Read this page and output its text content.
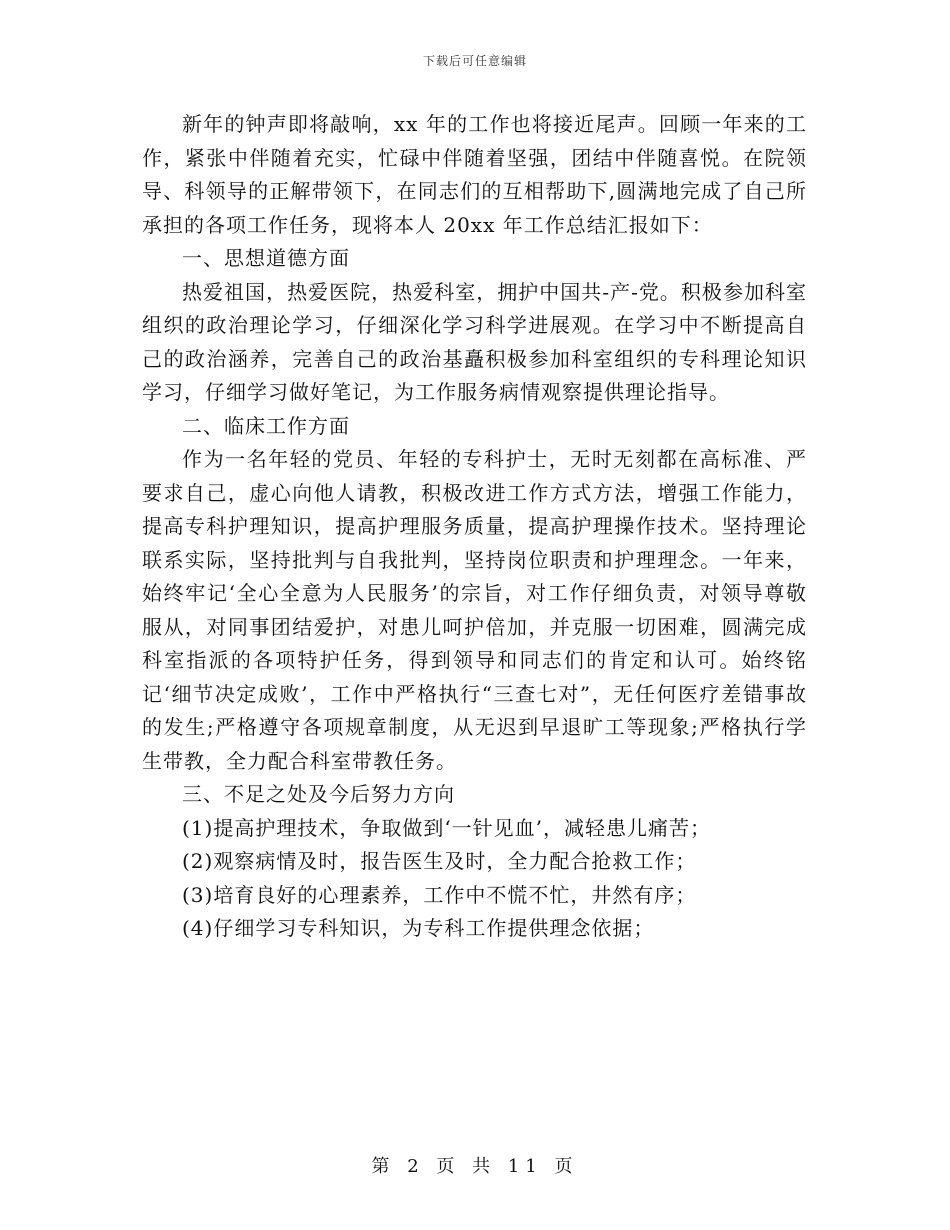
下载后可任意编辑

新年的钟声即将敲响，xx 年的工作也将接近尾声。回顾一年来的工作，紧张中伴随着充实，忙碌中伴随着坚强，团结中伴随喜悦。在院领导、科领导的正解带领下，在同志们的互相帮助下,圆满地完成了自己所承担的各项工作任务，现将本人 20xx 年工作总结汇报如下：

一、思想道德方面

热爱祖国，热爱医院，热爱科室，拥护中国共-产-党。积极参加科室组织的政治理论学习，仔细深化学习科学进展观。在学习中不断提高自己的政治涵养，完善自己的政治基矗积极参加科室组织的专科理论知识学习，仔细学习做好笔记，为工作服务病情观察提供理论指导。

二、临床工作方面

作为一名年轻的党员、年轻的专科护士，无时无刻都在高标准、严要求自己，虚心向他人请教，积极改进工作方式方法，增强工作能力，提高专科护理知识，提高护理服务质量，提高护理操作技术。坚持理论联系实际，坚持批判与自我批判，坚持岗位职责和护理理念。一年来，始终牢记‘全心全意为人民服务’的宗旨，对工作仔细负责，对领导尊敬服从，对同事团结爱护，对患儿呵护倍加，并克服一切困难，圆满完成科室指派的各项特护任务，得到领导和同志们的肯定和认可。始终铭记‘细节决定成败’，工作中严格执行“三查七对”，无任何医疗差错事故的发生;严格遵守各项规章制度，从无迟到早退旷工等现象;严格执行学生带教，全力配合科室带教任务。

三、不足之处及今后努力方向

(1)提高护理技术，争取做到‘一针见血’，减轻患儿痛苦；

(2)观察病情及时，报告医生及时，全力配合抢救工作；

(3)培育良好的心理素养，工作中不慌不忙，井然有序；

(4)仔细学习专科知识，为专科工作提供理念依据；

第 2 页 共 11 页
